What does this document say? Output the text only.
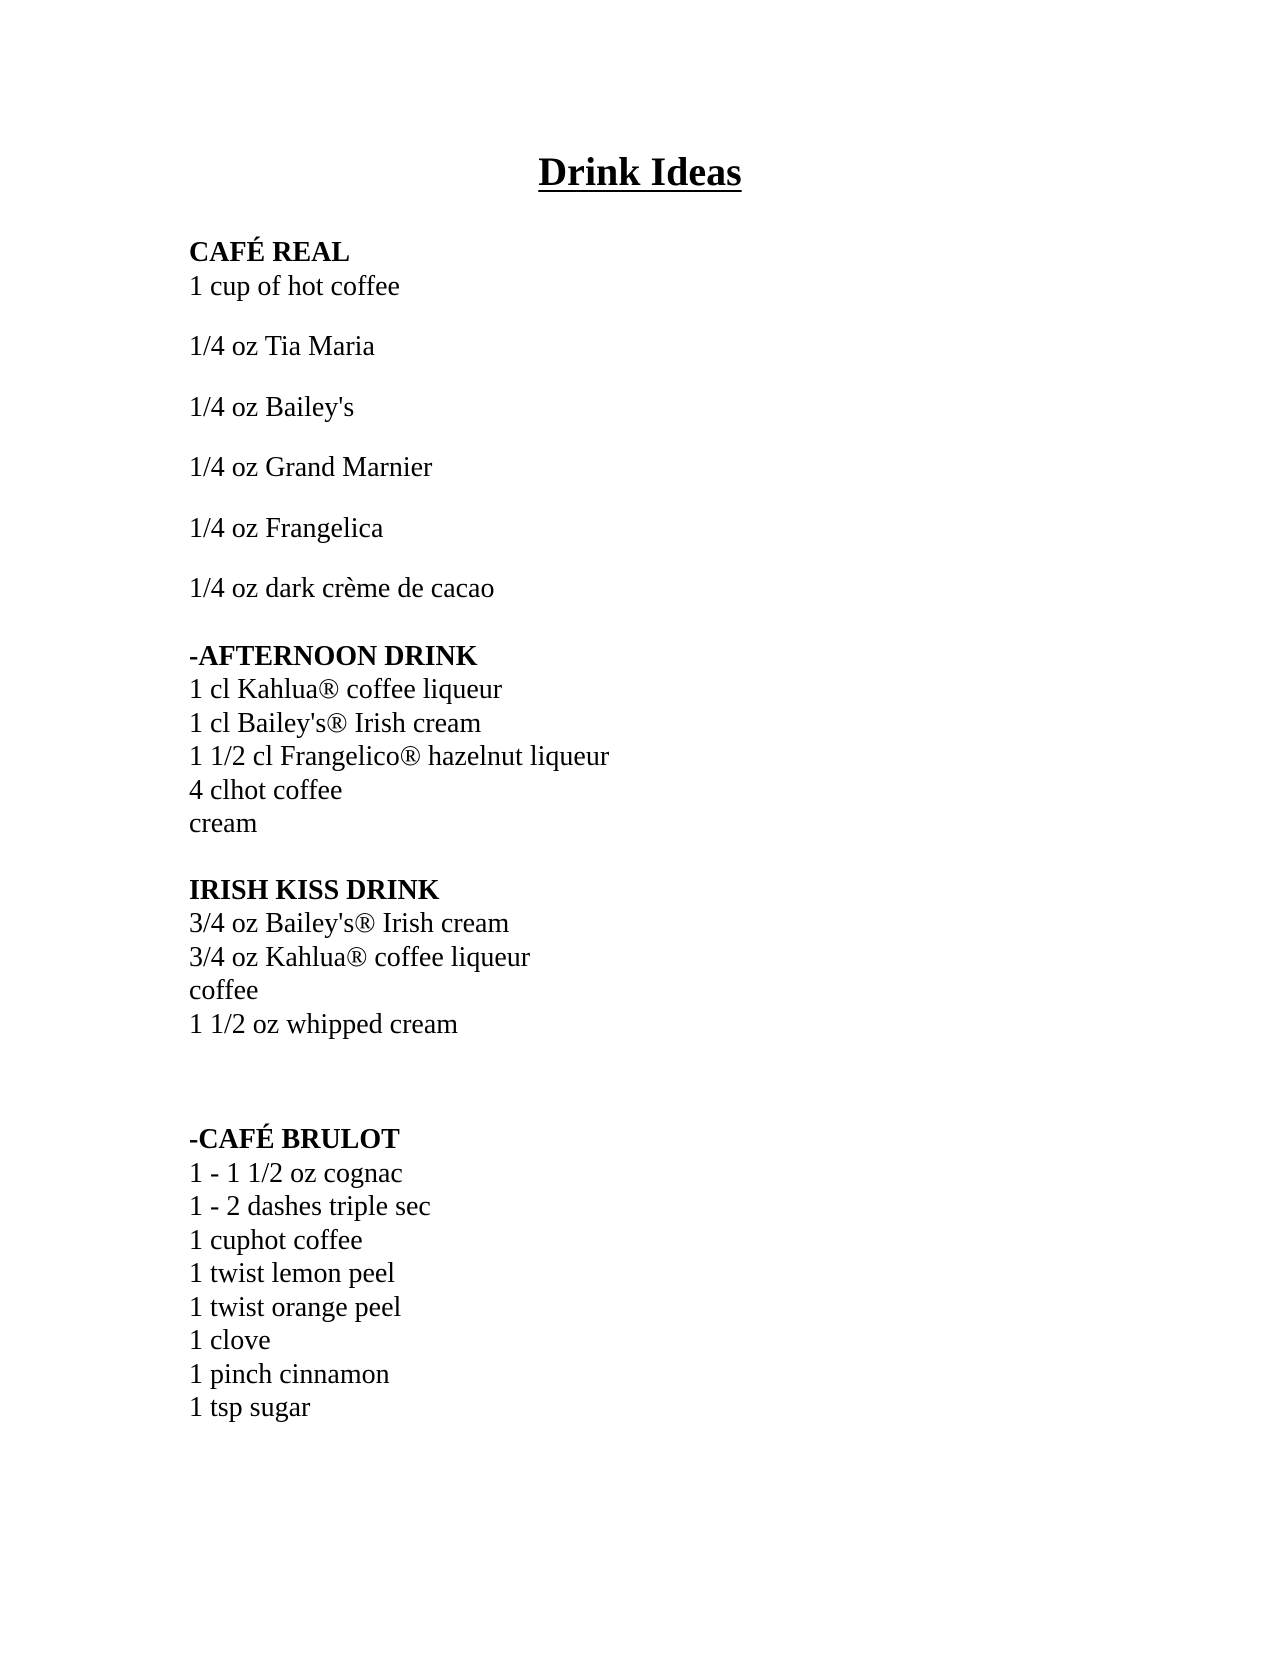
Drink Ideas

CAFÉ REAL

1 cup of hot coffee

1/4 oz Tia Maria

1/4 oz Bailey's

1/4 oz Grand Marnier

1/4 oz Frangelica

1/4 oz dark crème de cacao

-AFTERNOON DRINK

1 cl Kahlua® coffee liqueur

1 cl Bailey's® Irish cream

1 1/2 cl Frangelico® hazelnut liqueur

4 clhot coffee

cream

IRISH KISS DRINK

3/4 oz Bailey's® Irish cream

3/4 oz Kahlua® coffee liqueur

coffee

1 1/2 oz whipped cream

-CAFÉ BRULOT

1 - 1 1/2 oz cognac

1 - 2 dashes triple sec

1 cuphot coffee

1 twist lemon peel

1 twist orange peel

1 clove

1 pinch cinnamon

1 tsp sugar
